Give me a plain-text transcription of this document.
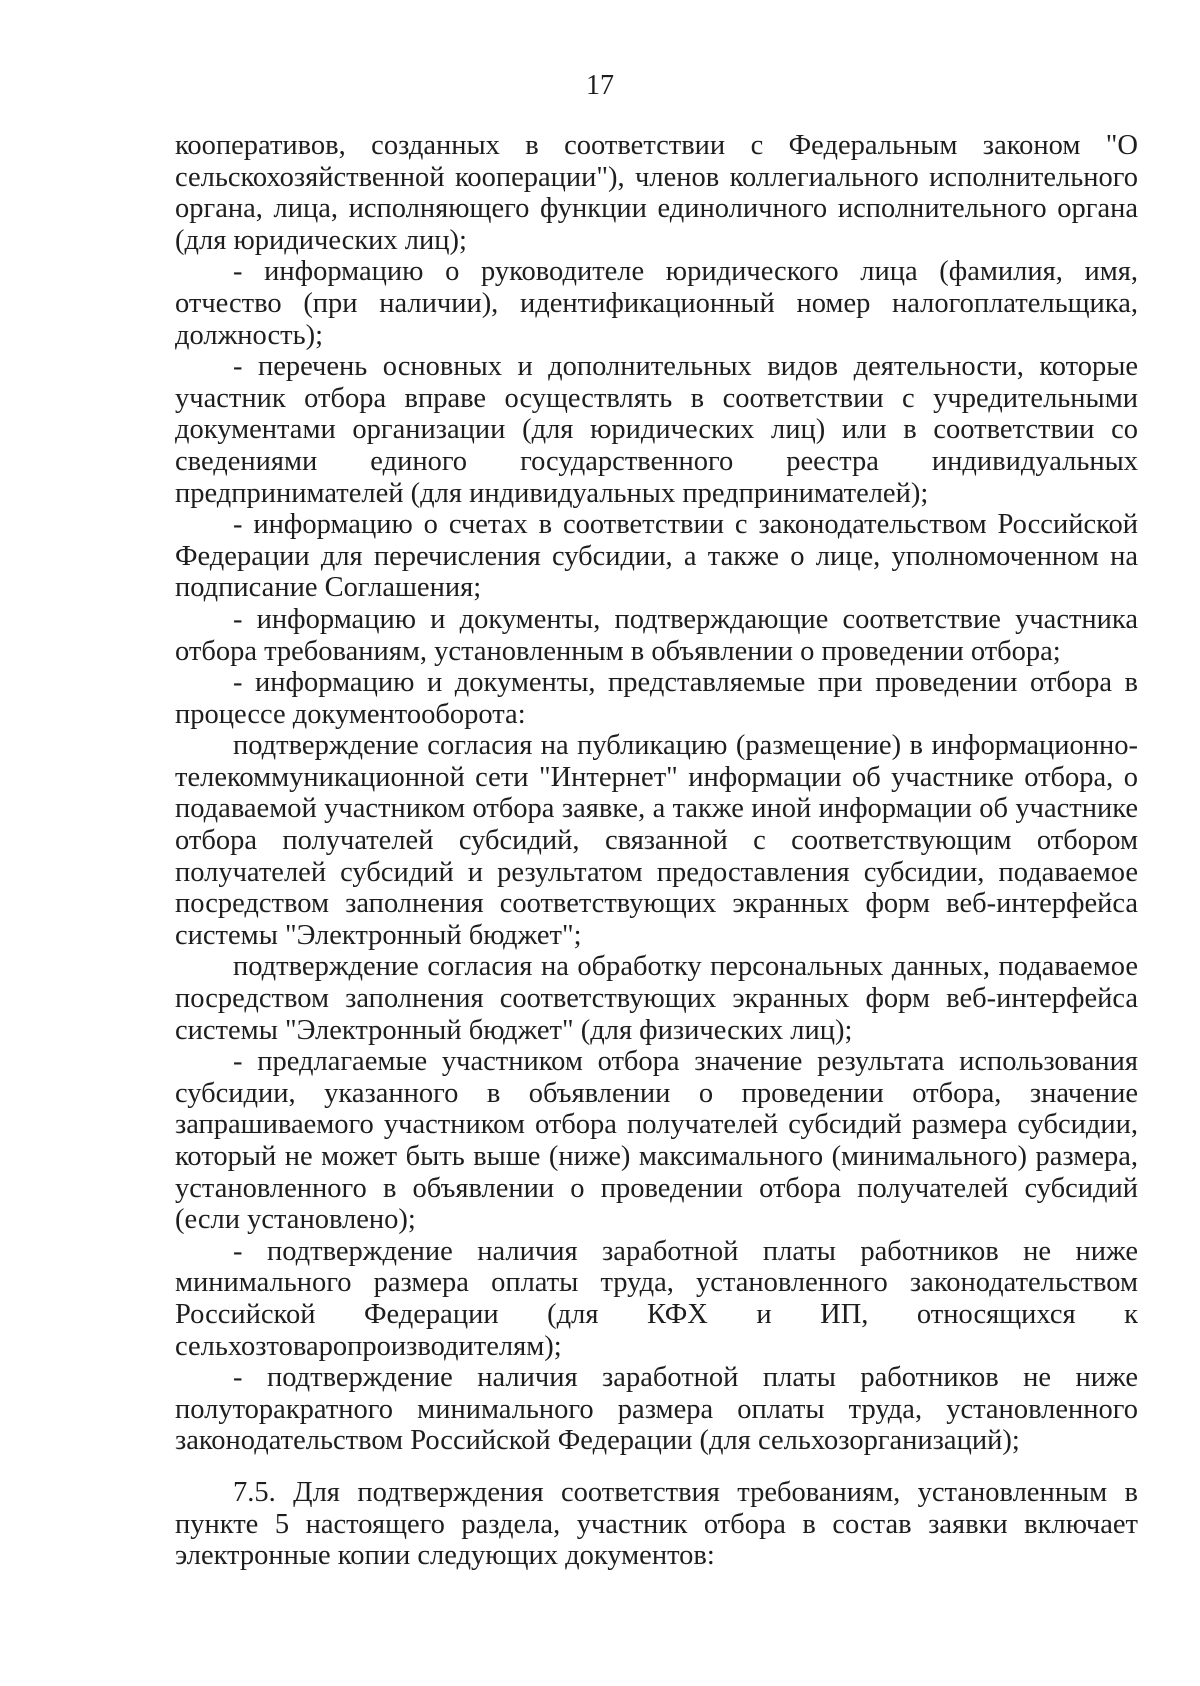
17

кооперативов, созданных в соответствии с Федеральным законом "О сельскохозяйственной кооперации"), членов коллегиального исполнительного органа, лица, исполняющего функции единоличного исполнительного органа (для юридических лиц);

- информацию о руководителе юридического лица (фамилия, имя, отчество (при наличии), идентификационный номер налогоплательщика, должность);

- перечень основных и дополнительных видов деятельности, которые участник отбора вправе осуществлять в соответствии с учредительными документами организации (для юридических лиц) или в соответствии со сведениями единого государственного реестра индивидуальных предпринимателей (для индивидуальных предпринимателей);

- информацию о счетах в соответствии с законодательством Российской Федерации для перечисления субсидии, а также о лице, уполномоченном на подписание Соглашения;

- информацию и документы, подтверждающие соответствие участника отбора требованиям, установленным в объявлении о проведении отбора;

- информацию и документы, представляемые при проведении отбора в процессе документооборота:

подтверждение согласия на публикацию (размещение) в информационно-телекоммуникационной сети "Интернет" информации об участнике отбора, о подаваемой участником отбора заявке, а также иной информации об участнике отбора получателей субсидий, связанной с соответствующим отбором получателей субсидий и результатом предоставления субсидии, подаваемое посредством заполнения соответствующих экранных форм веб-интерфейса системы "Электронный бюджет";

подтверждение согласия на обработку персональных данных, подаваемое посредством заполнения соответствующих экранных форм веб-интерфейса системы "Электронный бюджет" (для физических лиц);

- предлагаемые участником отбора значение результата использования субсидии, указанного в объявлении о проведении отбора, значение запрашиваемого участником отбора получателей субсидий размера субсидии, который не может быть выше (ниже) максимального (минимального) размера, установленного в объявлении о проведении отбора получателей субсидий (если установлено);

- подтверждение наличия заработной платы работников не ниже минимального размера оплаты труда, установленного законодательством Российской Федерации (для КФХ и ИП, относящихся к сельхозтоваропроизводителям);

- подтверждение наличия заработной платы работников не ниже полуторакратного минимального размера оплаты труда, установленного законодательством Российской Федерации (для сельхозорганизаций);

7.5. Для подтверждения соответствия требованиям, установленным в пункте 5 настоящего раздела, участник отбора в состав заявки включает электронные копии следующих документов:
